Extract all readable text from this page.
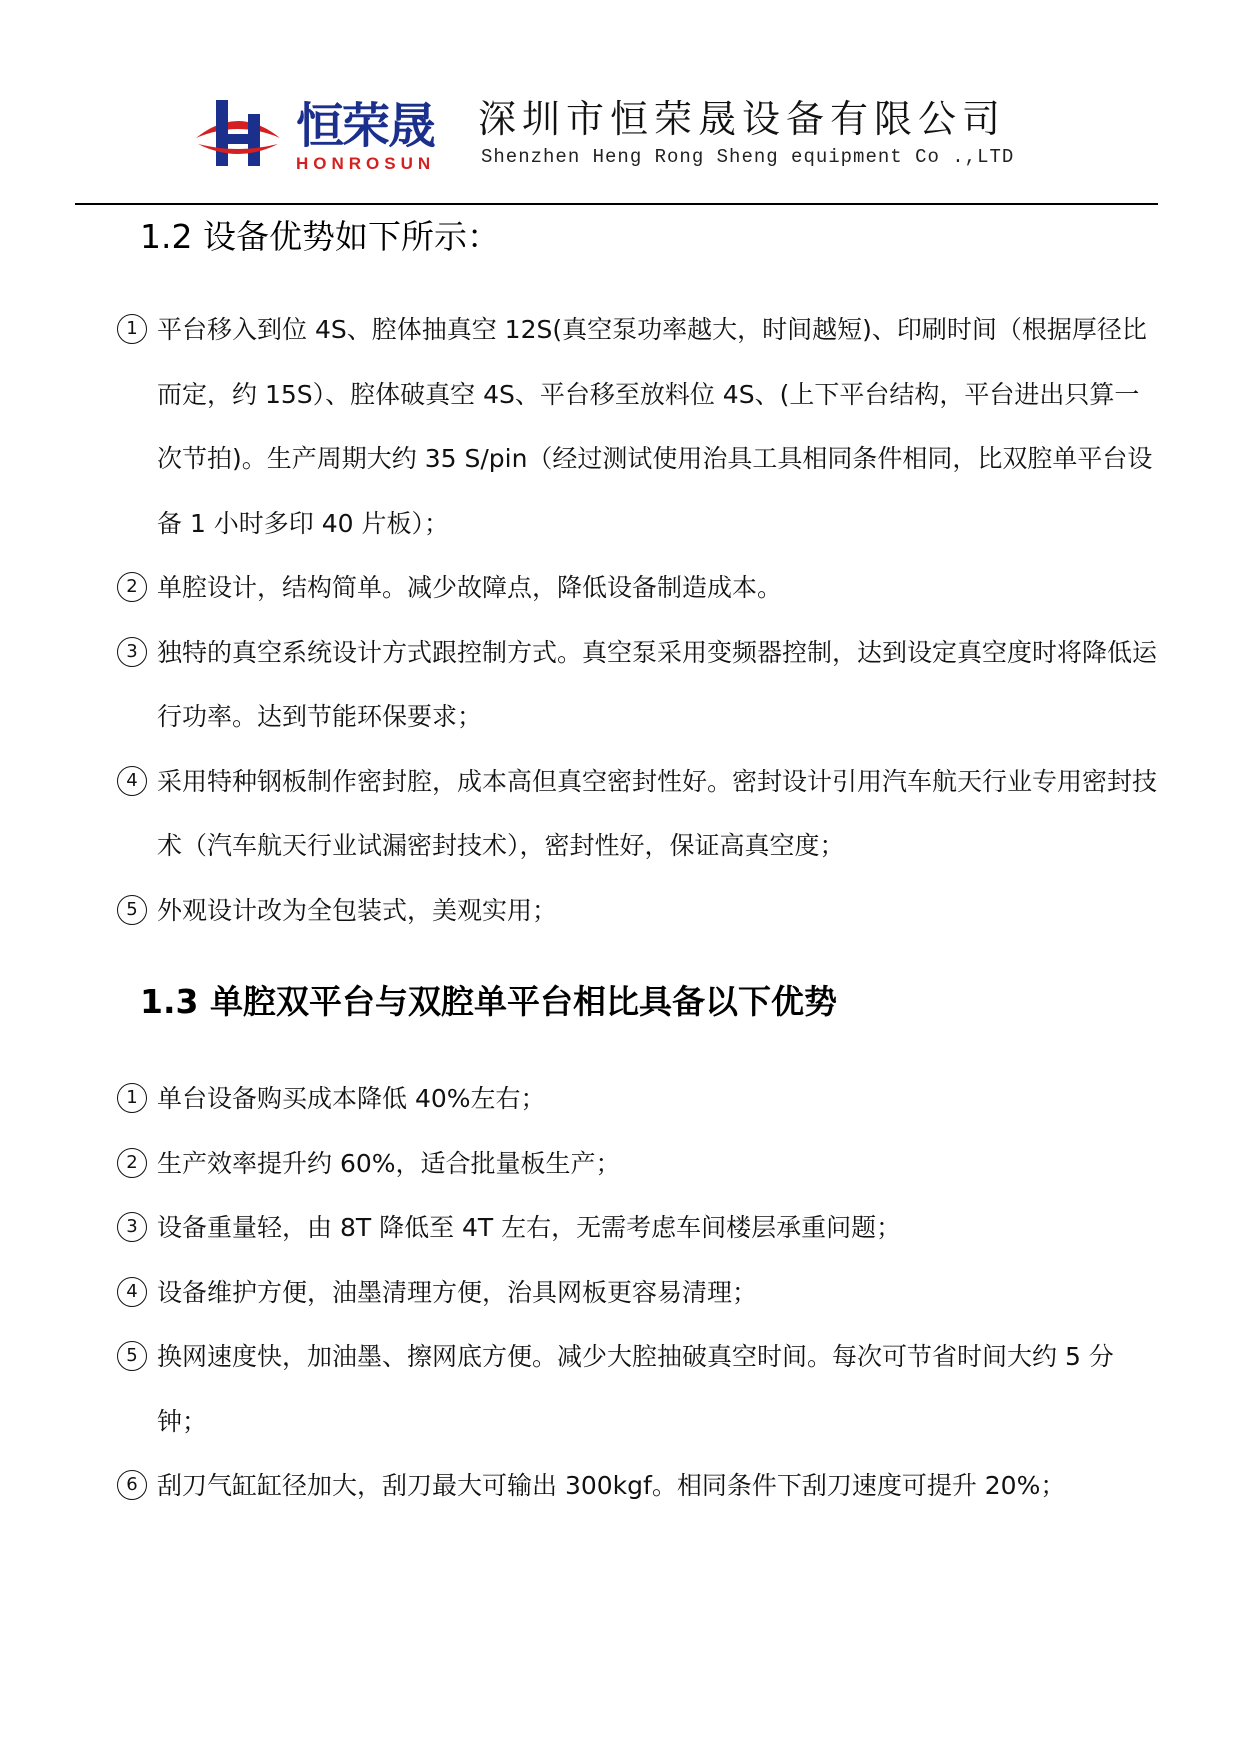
恒荣晟
HONROSUN
深圳市恒荣晟设备有限公司
Shenzhen Heng Rong Sheng equipment Co .,LTD
1.2 设备优势如下所示：
1 平台移入到位 4S、腔体抽真空 12S(真空泵功率越大，时间越短)、印刷时间（根据厚径比而定，约 15S）、腔体破真空 4S、平台移至放料位 4S、(上下平台结构，平台进出只算一次节拍)。生产周期大约 35 S/pin（经过测试使用治具工具相同条件相同，比双腔单平台设备 1 小时多印 40 片板）；
2 单腔设计，结构简单。减少故障点，降低设备制造成本。
3 独特的真空系统设计方式跟控制方式。真空泵采用变频器控制，达到设定真空度时将降低运行功率。达到节能环保要求；
4 采用特种钢板制作密封腔，成本高但真空密封性好。密封设计引用汽车航天行业专用密封技术（汽车航天行业试漏密封技术），密封性好，保证高真空度；
5 外观设计改为全包装式，美观实用；
1.3 单腔双平台与双腔单平台相比具备以下优势
1 单台设备购买成本降低 40%左右；
2 生产效率提升约 60%，适合批量板生产；
3 设备重量轻，由 8T 降低至 4T 左右，无需考虑车间楼层承重问题；
4 设备维护方便，油墨清理方便，治具网板更容易清理；
5 换网速度快，加油墨、擦网底方便。减少大腔抽破真空时间。每次可节省时间大约 5 分钟；
6 刮刀气缸缸径加大，刮刀最大可输出 300kgf。相同条件下刮刀速度可提升 20%；
